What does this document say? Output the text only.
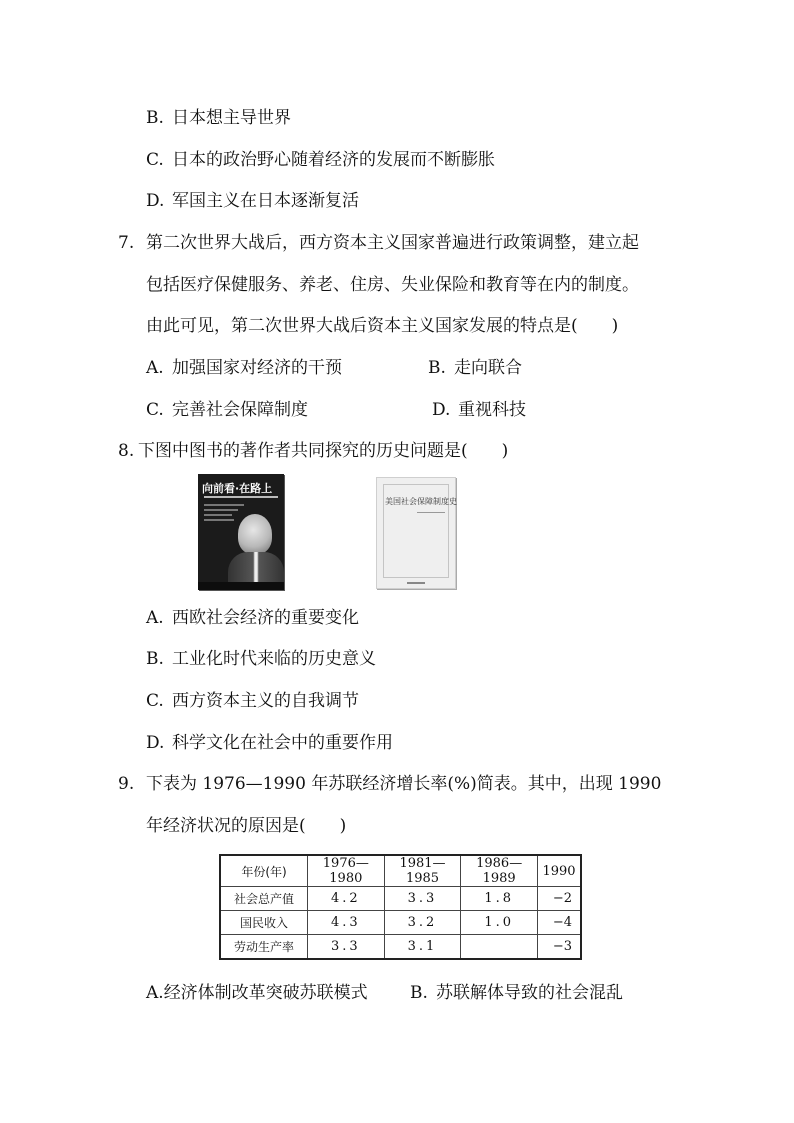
B. 日本想主导世界
C. 日本的政治野心随着经济的发展而不断膨胀
D. 军国主义在日本逐渐复活
7. 第二次世界大战后，西方资本主义国家普遍进行政策调整，建立起
包括医疗保健服务、养老、住房、失业保险和教育等在内的制度。
由此可见，第二次世界大战后资本主义国家发展的特点是(　　)
A. 加强国家对经济的干预	B. 走向联合
C. 完善社会保障制度	D. 重视科技
8. 下图中图书的著作者共同探究的历史问题是(　　)
向前看·在路上
美国社会保障制度史
A. 西欧社会经济的重要变化
B. 工业化时代来临的历史意义
C. 西方资本主义的自我调节
D. 科学文化在社会中的重要作用
9. 下表为 1976—1990 年苏联经济增长率(%)简表。其中，出现 1990
年经济状况的原因是(　　)
年份(年)	1976—1980	1981—1985	1986—1989	1990
社会总产值	4.2	3.3	1.8	−2
国民收入	4.3	3.2	1.0	−4
劳动生产率	3.3	3.1		−3
A.经济体制改革突破苏联模式 B. 苏联解体导致的社会混乱
